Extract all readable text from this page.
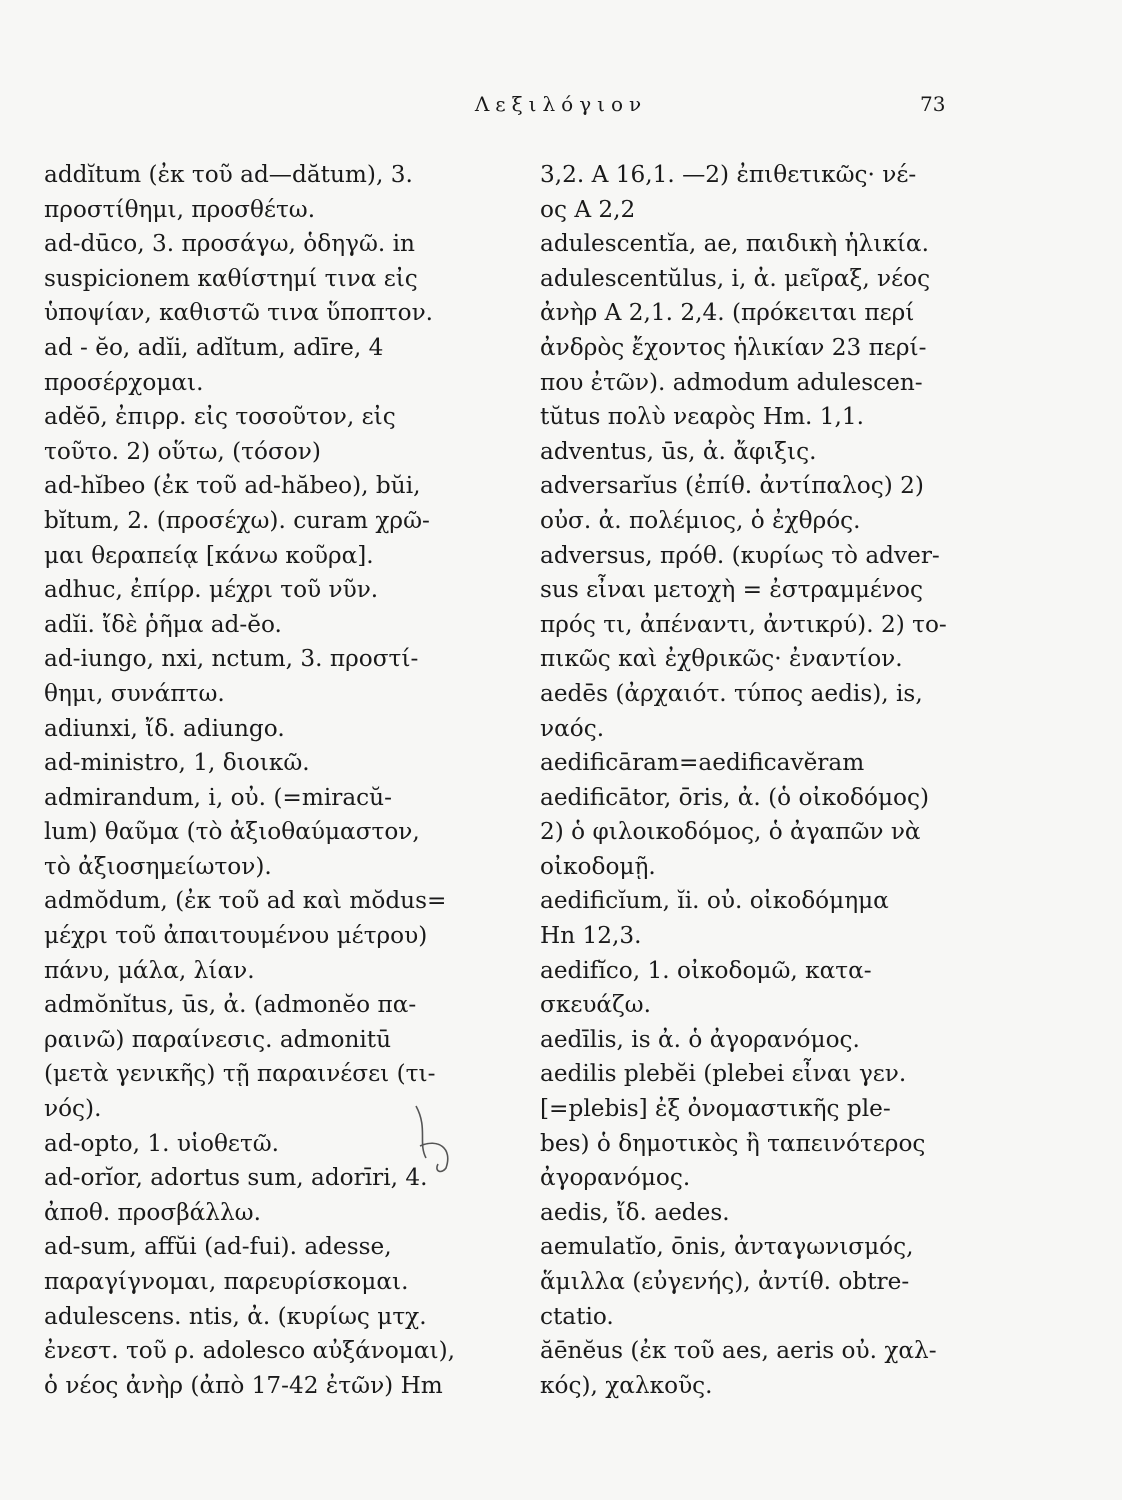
Λεξιλόγιον	73
addĭtum (ἐκ τοῦ ad—dătum), 3.
προστίθημι, προσθέτω.
ad-dūco, 3. προσάγω, ὁδηγῶ. in
suspicionem καθίστημί τινα εἰς
ὑποψίαν, καθιστῶ τινα ὕποπτον.
ad - ĕo, adĭi, adĭtum, adīre, 4
προσέρχομαι.
adĕō, ἐπιρρ. εἰς τοσοῦτον, εἰς
τοῦτο. 2) οὕτω, (τόσον)
ad-hĭbeo (ἐκ τοῦ ad-hăbeo), bŭi,
bĭtum, 2. (προσέχω). curam χρῶ-
μαι θεραπείᾳ [κάνω κοῦρα].
adhuc, ἐπίρρ. μέχρι τοῦ νῦν.
adĭi. ἴδὲ ῥῆμα ad-ĕo.
ad-iungo, nxi, nctum, 3. προστί-
θημι, συνάπτω.
adiunxi, ἴδ. adiungo.
ad-ministro, 1, διοικῶ.
admirandum, i, οὐ. (=miracŭ-
lum) θαῦμα (τὸ ἀξιοθαύμαστον,
τὸ ἀξιοσημείωτον).
admŏdum, (ἐκ τοῦ ad καὶ mŏdus=
μέχρι τοῦ ἀπαιτουμένου μέτρου)
πάνυ, μάλα, λίαν.
admŏnĭtus, ūs, ἀ. (admonĕo πα-
ραινῶ) παραίνεσις. admonitū
(μετὰ γενικῆς) τῇ παραινέσει (τι-
νός).
ad-opto, 1. υἱοθετῶ.
ad-orĭor, adortus sum, adorīri, 4.
ἀποθ. προσβάλλω.
ad-sum, affŭi (ad-fui). adesse,
παραγίγνομαι, παρευρίσκομαι.
adulescens. ntis, ἀ. (κυρίως μτχ.
ἐνεστ. τοῦ ρ. adolesco αὐξάνομαι),
ὁ νέος ἀνὴρ (ἀπὸ 17-42 ἐτῶν) Hm
3,2. A 16,1. —2) ἐπιθετικῶς· νέ-
ος A 2,2
adulescentĭa, ae, παιδικὴ ἡλικία.
adulescentŭlus, i, ἀ. μεῖραξ, νέος
ἀνὴρ A 2,1. 2,4. (πρόκειται περί
ἀνδρὸς ἔχοντος ἡλικίαν 23 περί-
που ἐτῶν). admodum adulescen-
tŭtus πολὺ νεαρὸς Hm. 1,1.
adventus, ūs, ἀ. ἄφιξις.
adversarĭus (ἐπίθ. ἀντίπαλος) 2)
οὐσ. ἀ. πολέμιος, ὁ ἐχθρός.
adversus, πρόθ. (κυρίως τὸ adver-
sus εἶναι μετοχὴ = ἐστραμμένος
πρός τι, ἀπέναντι, ἀντικρύ). 2) το-
πικῶς καὶ ἐχθρικῶς· ἐναντίον.
aedēs (ἀρχαιότ. τύπος aedis), is,
ναός.
aedificāram=aedificavĕram
aedificātor, ōris, ἀ. (ὁ οἰκοδόμος)
2) ὁ φιλοικοδόμος, ὁ ἀγαπῶν νὰ
οἰκοδομῇ.
aedificĭum, ĭi. οὐ. οἰκοδόμημα
Hn 12,3.
aedifĭco, 1. οἰκοδομῶ, κατα-
σκευάζω.
aedīlis, is ἀ. ὁ ἀγορανόμος.
aedilis plebĕi (plebei εἶναι γεν.
[=plebis] ἐξ ὀνομαστικῆς ple-
bes) ὁ δημοτικὸς ἢ ταπεινότερος
ἀγορανόμος.
aedis, ἴδ. aedes.
aemulatĭo, ōnis, ἀνταγωνισμός,
ἅμιλλα (εὐγενής), ἀντίθ. obtre-
ctatio.
ăēnĕus (ἐκ τοῦ aes, aeris οὐ. χαλ-
κός), χαλκοῦς.
